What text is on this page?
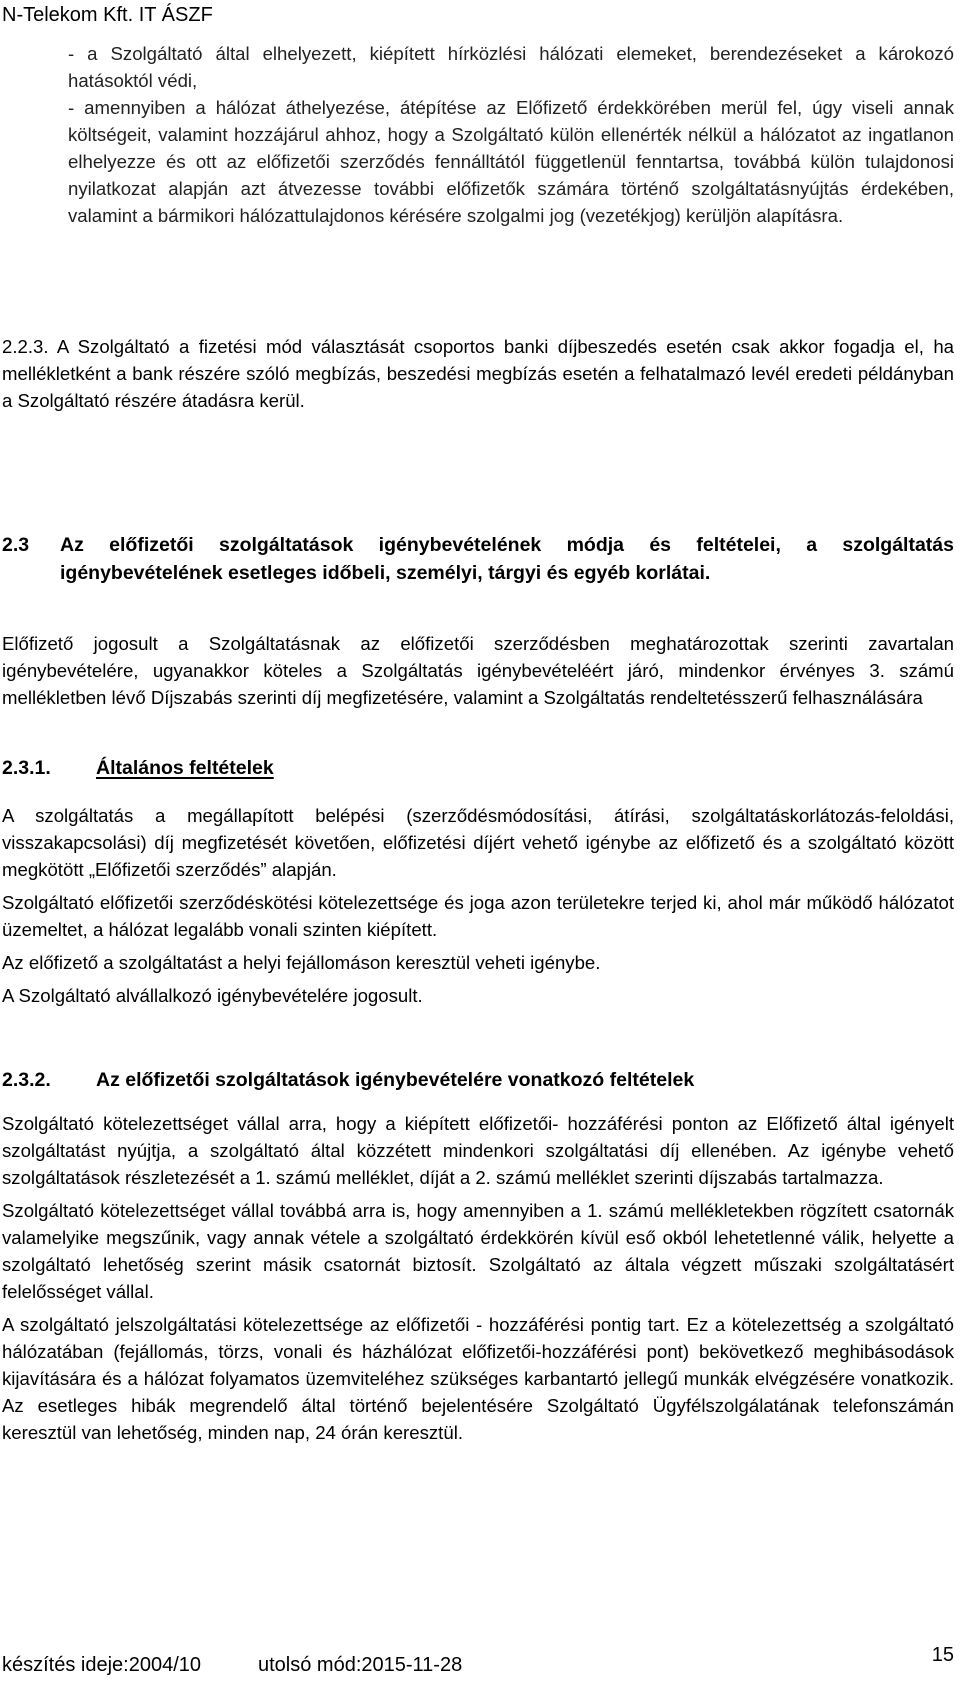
N-Telekom Kft. IT ÁSZF

- a Szolgáltató által elhelyezett, kiépített hírközlési hálózati elemeket, berendezéseket a károkozó hatásoktól védi,

- amennyiben a hálózat áthelyezése, átépítése az Előfizető érdekkörében merül fel, úgy viseli annak költségeit, valamint hozzájárul ahhoz, hogy a Szolgáltató külön ellenérték nélkül a hálózatot az ingatlanon elhelyezze és ott az előfizetői szerződés fennálltától függetlenül fenntartsa, továbbá külön tulajdonosi nyilatkozat alapján azt átvezesse további előfizetők számára történő szolgáltatásnyújtás érdekében, valamint a bármikori hálózattulajdonos kérésére szolgalmi jog (vezetékjog) kerüljön alapításra.

2.2.3. A Szolgáltató a fizetési mód választását csoportos banki díjbeszedés esetén csak akkor fogadja el, ha mellékletként a bank részére szóló megbízás, beszedési megbízás esetén a felhatalmazó levél eredeti példányban a Szolgáltató részére átadásra kerül.

2.3	Az előfizetői szolgáltatások igénybevételének módja és feltételei, a szolgáltatás igénybevételének esetleges időbeli, személyi, tárgyi és egyéb korlátai.

Előfizető jogosult a Szolgáltatásnak az előfizetői szerződésben meghatározottak szerinti zavartalan igénybevételére, ugyanakkor köteles a Szolgáltatás igénybevételéért járó, mindenkor érvényes 3. számú mellékletben lévő Díjszabás szerinti díj megfizetésére, valamint a Szolgáltatás rendeltetésszerű felhasználására

2.3.1. Általános feltételek

A szolgáltatás a megállapított belépési (szerződésmódosítási, átírási, szolgáltatáskorlátozás-feloldási, visszakapcsolási) díj megfizetését követően, előfizetési díjért vehető igénybe az előfizető és a szolgáltató között megkötött „Előfizetői szerződés” alapján.

Szolgáltató előfizetői szerződéskötési kötelezettsége és joga azon területekre terjed ki, ahol már működő hálózatot üzemeltet, a hálózat legalább vonali szinten kiépített.

Az előfizető a szolgáltatást a helyi fejállomáson keresztül veheti igénybe.

A Szolgáltató alvállalkozó igénybevételére jogosult.

2.3.2. Az előfizetői szolgáltatások igénybevételére vonatkozó feltételek

Szolgáltató kötelezettséget vállal arra, hogy a kiépített előfizetői- hozzáférési ponton az Előfizető által igényelt szolgáltatást nyújtja, a szolgáltató által közzétett mindenkori szolgáltatási díj ellenében. Az igénybe vehető szolgáltatások részletezését a 1. számú melléklet, díját a 2. számú melléklet szerinti díjszabás tartalmazza.

Szolgáltató kötelezettséget vállal továbbá arra is, hogy amennyiben a 1. számú mellékletekben rögzített csatornák valamelyike megszűnik, vagy annak vétele a szolgáltató érdekkörén kívül eső okból lehetetlenné válik, helyette a szolgáltató lehetőség szerint másik csatornát biztosít. Szolgáltató az általa végzett műszaki szolgáltatásért felelősséget vállal.

A szolgáltató jelszolgáltatási kötelezettsége az előfizetői - hozzáférési pontig tart. Ez a kötelezettség a szolgáltató hálózatában (fejállomás, törzs, vonali és házhálózat előfizetői-hozzáférési pont) bekövetkező meghibásodások kijavítására és a hálózat folyamatos üzemviteléhez szükséges karbantartó jellegű munkák elvégzésére vonatkozik. Az esetleges hibák megrendelő által történő bejelentésére Szolgáltató Ügyfélszolgálatának telefonszámán keresztül van lehetőség, minden nap, 24 órán keresztül.

készítés ideje:2004/10	utolsó mód:2015-11-28	15
